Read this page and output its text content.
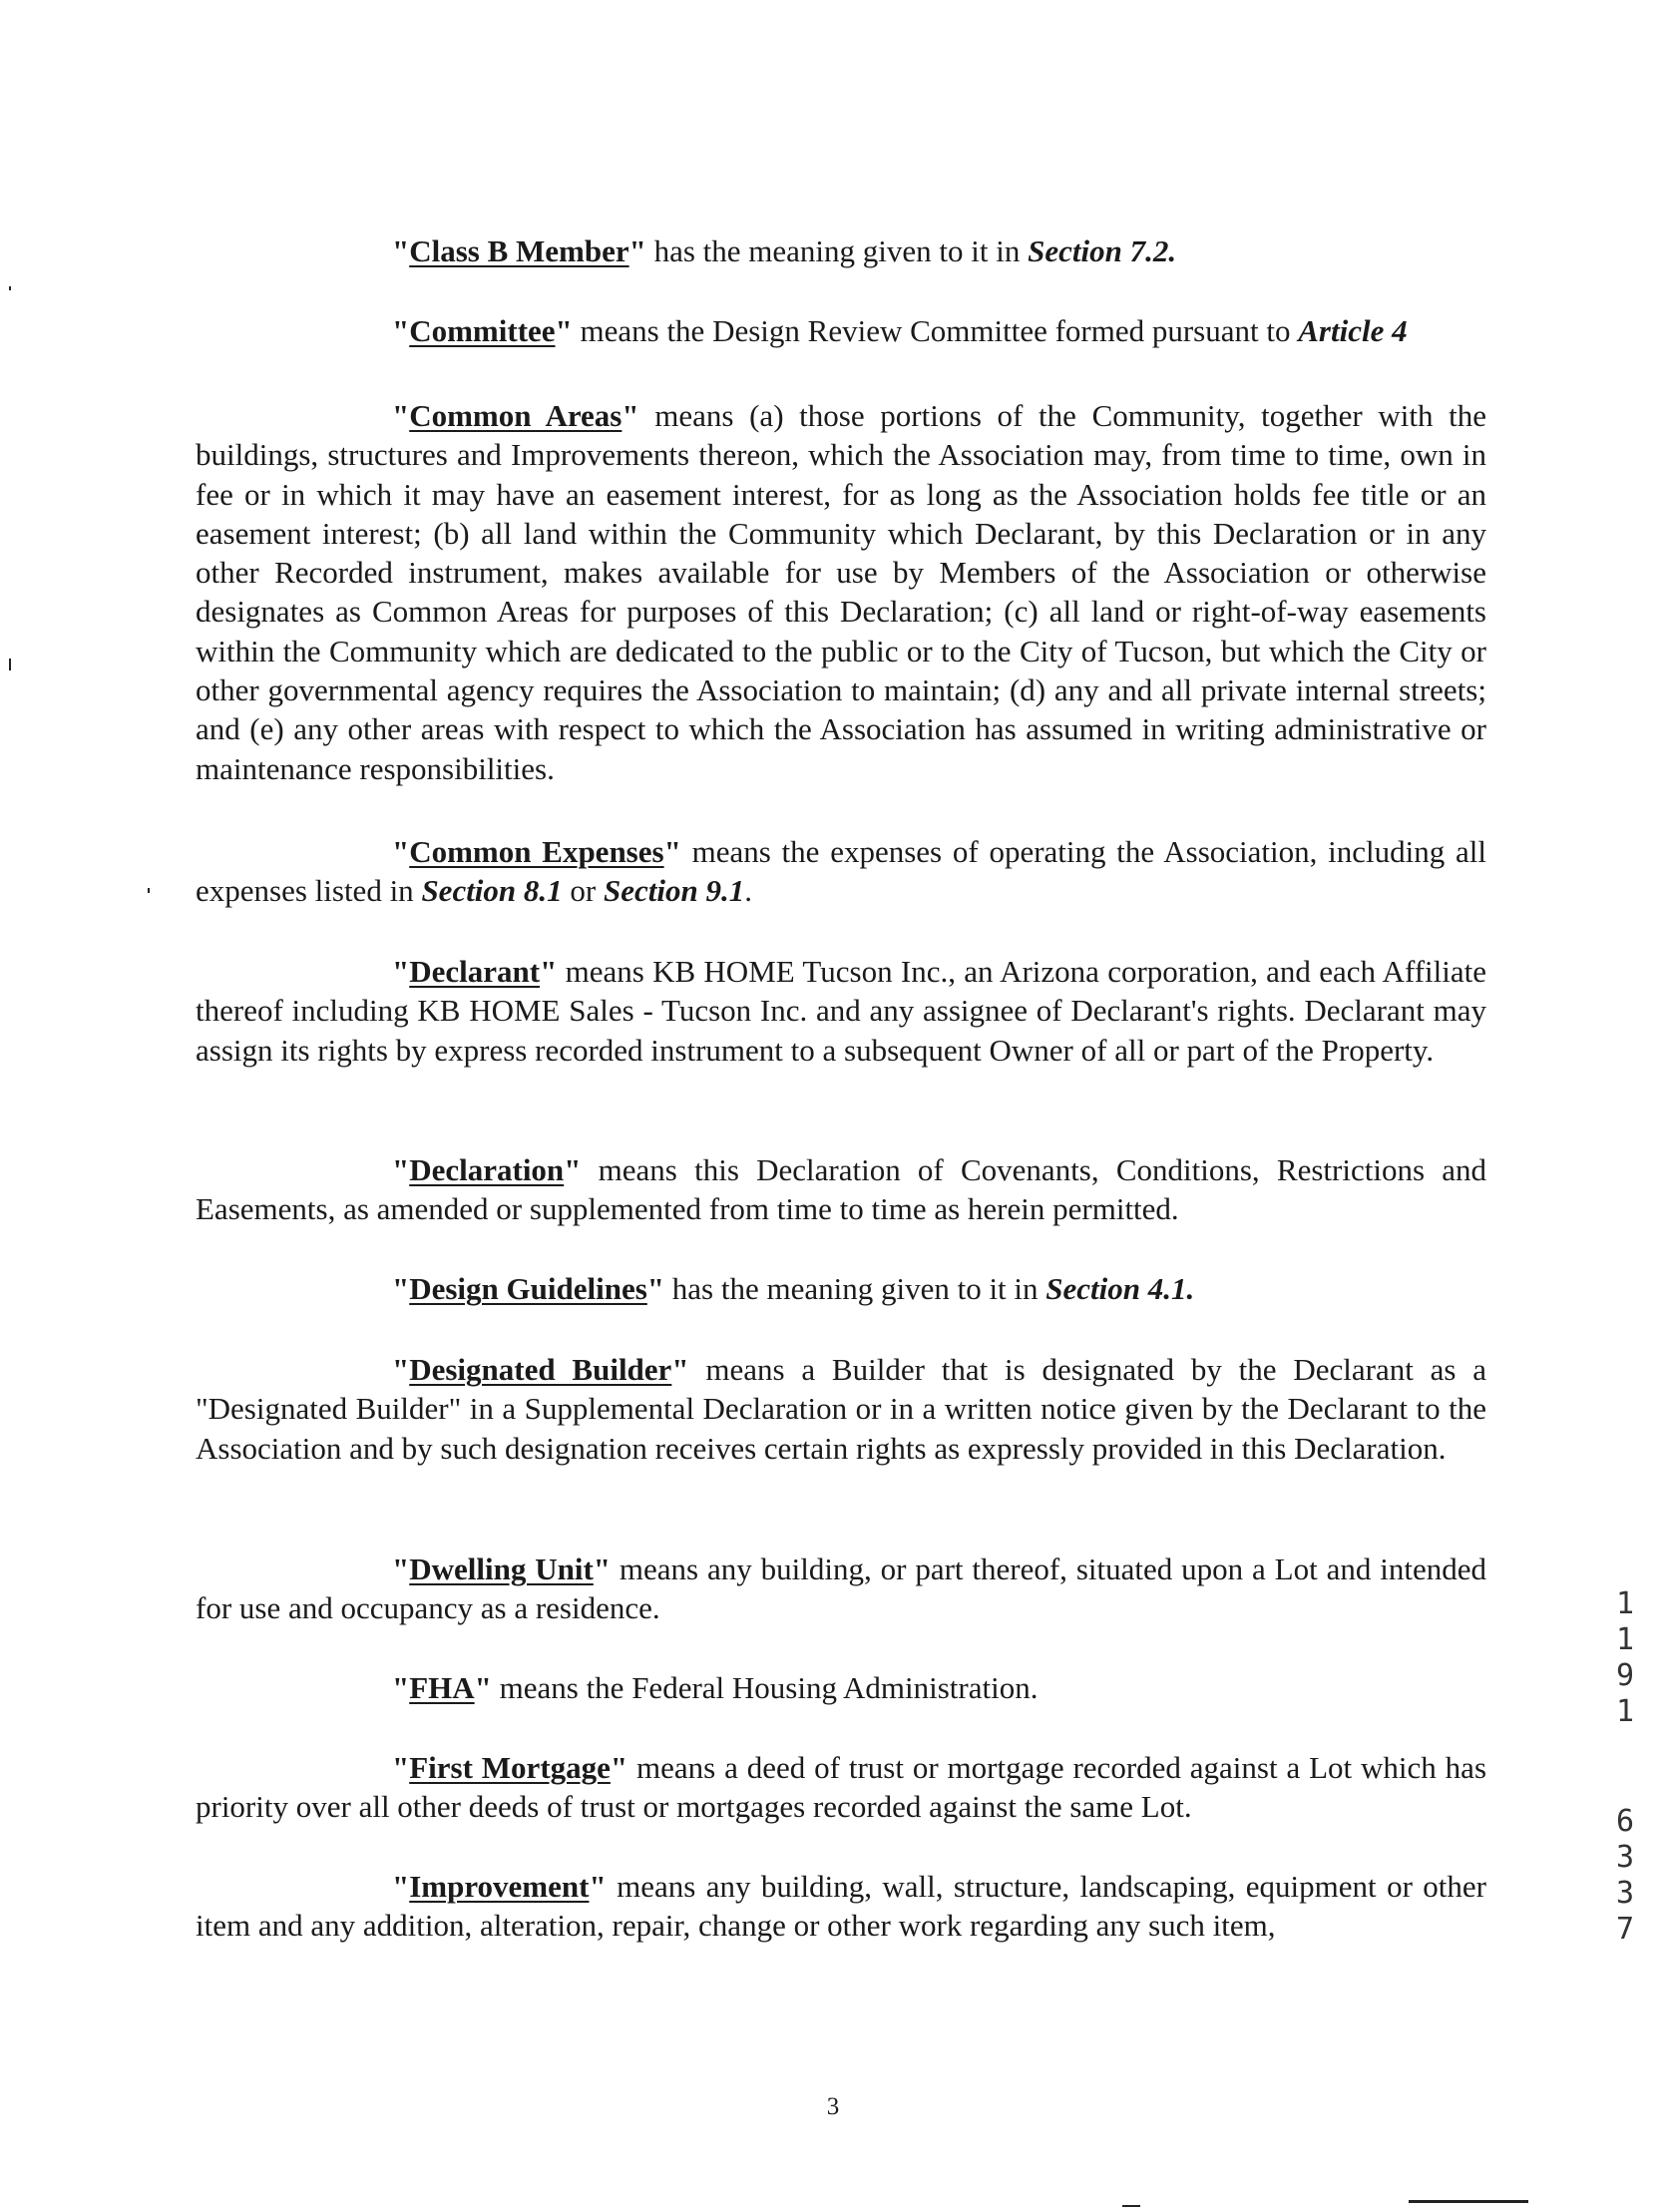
"Class B Member" has the meaning given to it in Section 7.2.

"Committee" means the Design Review Committee formed pursuant to Article 4

"Common Areas" means (a) those portions of the Community, together with the buildings, structures and Improvements thereon, which the Association may, from time to time, own in fee or in which it may have an easement interest, for as long as the Association holds fee title or an easement interest; (b) all land within the Community which Declarant, by this Declaration or in any other Recorded instrument, makes available for use by Members of the Association or otherwise designates as Common Areas for purposes of this Declaration; (c) all land or right-of-way easements within the Community which are dedicated to the public or to the City of Tucson, but which the City or other governmental agency requires the Association to maintain; (d) any and all private internal streets; and (e) any other areas with respect to which the Association has assumed in writing administrative or maintenance responsibilities.

"Common Expenses" means the expenses of operating the Association, including all expenses listed in Section 8.1 or Section 9.1.

"Declarant" means KB HOME Tucson Inc., an Arizona corporation, and each Affiliate thereof including KB HOME Sales - Tucson Inc. and any assignee of Declarant's rights. Declarant may assign its rights by express recorded instrument to a subsequent Owner of all or part of the Property.

"Declaration" means this Declaration of Covenants, Conditions, Restrictions and Easements, as amended or supplemented from time to time as herein permitted.

"Design Guidelines" has the meaning given to it in Section 4.1.

"Designated Builder" means a Builder that is designated by the Declarant as a "Designated Builder" in a Supplemental Declaration or in a written notice given by the Declarant to the Association and by such designation receives certain rights as expressly provided in this Declaration.

"Dwelling Unit" means any building, or part thereof, situated upon a Lot and intended for use and occupancy as a residence.

"FHA" means the Federal Housing Administration.

"First Mortgage" means a deed of trust or mortgage recorded against a Lot which has priority over all other deeds of trust or mortgages recorded against the same Lot.

"Improvement" means any building, wall, structure, landscaping, equipment or other item and any addition, alteration, repair, change or other work regarding any such item,

1
1
9
1
6
3
3
7
3
